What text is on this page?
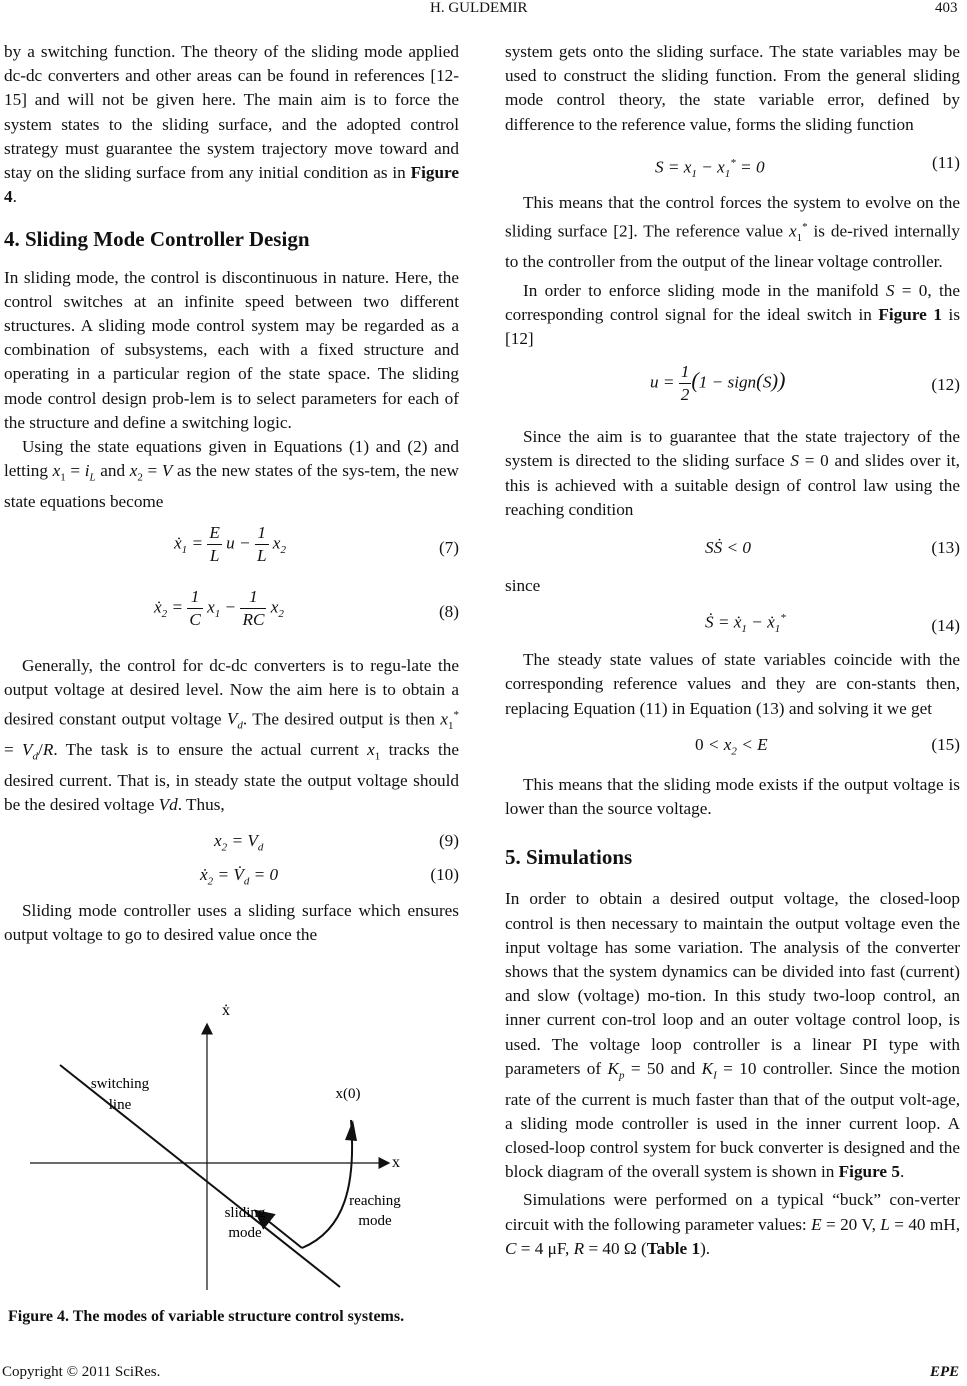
H. GULDEMIR	403

by a switching function. The theory of the sliding mode applied dc-dc converters and other areas can be found in references [12-15] and will not be given here. The main aim is to force the system states to the sliding surface, and the adopted control strategy must guarantee the system trajectory move toward and stay on the sliding surface from any initial condition as in Figure 4.

4. Sliding Mode Controller Design

In sliding mode, the control is discontinuous in nature. Here, the control switches at an infinite speed between two different structures. A sliding mode control system may be regarded as a combination of subsystems, each with a fixed structure and operating in a particular region of the state space. The sliding mode control design prob-lem is to select parameters for each of the structure and define a switching logic.

Using the state equations given in Equations (1) and (2) and letting $x_1 = i_L$ and $x_2 = V$ as the new states of the sys-tem, the new state equations become

$ẋ_1 = \frac{E}{L}$ $u - \frac{1}{L} x_2$	(7)
$ẋ_2 = \frac{1}{C} x_1 - \frac{1}{RC} x_2$	(8)

Generally, the control for dc-dc converters is to regu-late the output voltage at desired level. Now the aim here is to obtain a desired constant output voltage $V_d$. The desired output is then $x_1^* = V_d/R$. The task is to ensure the actual current $x_1$ tracks the desired current. That is, in steady state the output voltage should be the desired voltage Vd. Thus,

$x_2 = V_d$	(9)
$ẋ_2$ = $V̇_d = 0$	(10)

Sliding mode controller uses a sliding surface which ensures output voltage to go to desired value once the

ẋ
x
switching
line
x(0)
sliding
mode
reaching
mode
Figure 4. The modes of variable structure control systems.

system gets onto the sliding surface. The state variables may be used to construct the sliding function. From the general sliding mode control theory, the state variable error, defined by difference to the reference value, forms the sliding function

$S = x_1 - x_1^* = 0$	(11)

This means that the control forces the system to evolve on the sliding surface [2]. The reference value $x_1^*$ is de-rived internally to the controller from the output of the linear voltage controller.

In order to enforce sliding mode in the manifold S = 0, the corresponding control signal for the ideal switch in Figure 1 is [12]

$u = \frac{1}{2} (1$ − sign(S))	(12)

Since the aim is to guarantee that the state trajectory of the system is directed to the sliding surface S = 0 and slides over it, this is achieved with a suitable design of control law using the reaching condition

SṠ < 0	(13)

since

Ṡ = $ẋ_1$ − $ẋ_1^*$	(14)

The steady state values of state variables coincide with the corresponding reference values and they are con-stants then, replacing Equation (11) in Equation (13) and solving it we get

$0 < x_2 < E$	(15)

This means that the sliding mode exists if the output voltage is lower than the source voltage.

5. Simulations

In order to obtain a desired output voltage, the closed-loop control is then necessary to maintain the output voltage even the input voltage has some variation. The analysis of the converter shows that the system dynamics can be divided into fast (current) and slow (voltage) mo-tion. In this study two-loop control, an inner current con-trol loop and an outer voltage control loop, is used. The voltage loop controller is a linear PI type with parameters of $K_p = 50$ and $K_I = 10$ controller. Since the motion rate of the current is much faster than that of the output volt-age, a sliding mode controller is used in the inner current loop. A closed-loop control system for buck converter is designed and the block diagram of the overall system is shown in Figure 5.

Simulations were performed on a typical “buck” con-verter circuit with the following parameter values: E = 20 V, L = 40 mH, C = 4 μF, R = 40 Ω (Table 1).

Copyright © 2011 SciRes.	EPE
